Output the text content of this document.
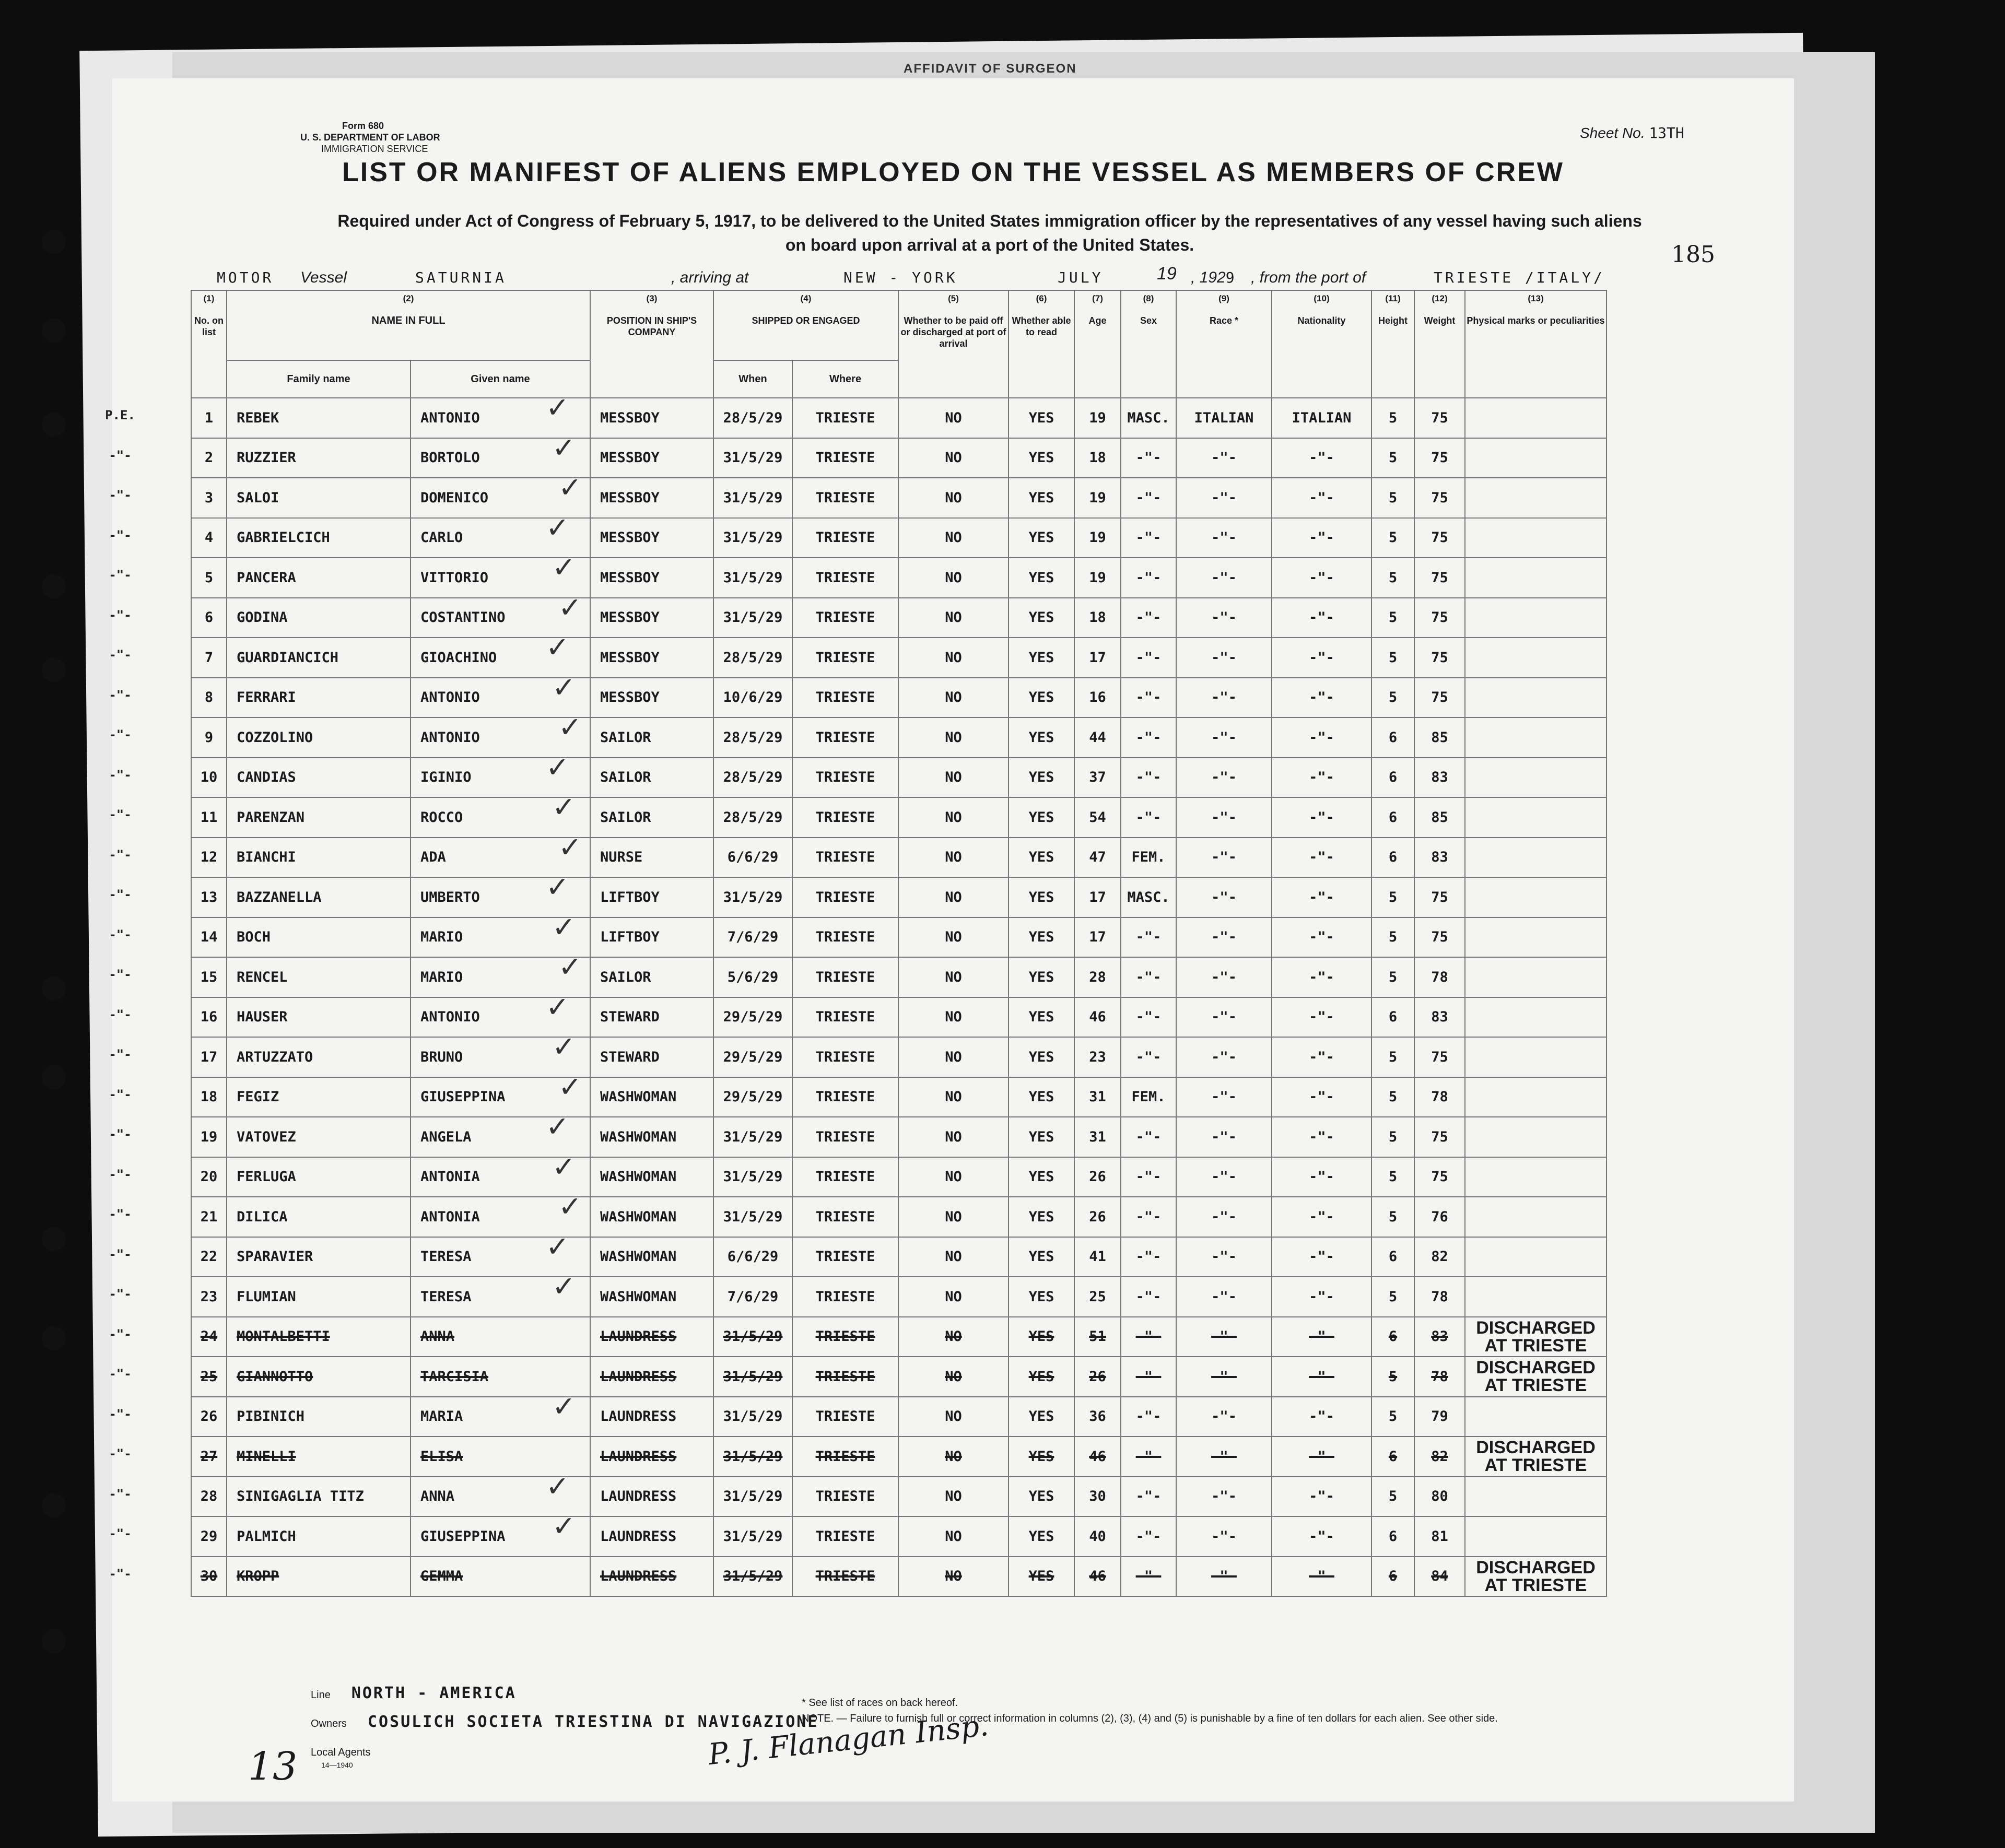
AFFIDAVIT OF SURGEON
Form 680
U. S. DEPARTMENT OF LABOR
IMMIGRATION SERVICE
Sheet No. 13TH
LIST OR MANIFEST OF ALIENS EMPLOYED ON THE VESSEL AS MEMBERS OF CREW
Required under Act of Congress of February 5, 1917, to be delivered to the United States immigration officer by the representatives of any vessel having such aliens
on board upon arrival at a port of the United States.	185
MOTOR Vessel	SATURNIA	, arriving at	NEW - YORK	JULY	19 , 1929 , from the port of	TRIESTE /ITALY/
(1)
No. on list	(2)
NAME IN FULL		(3)
POSITION IN SHIP'S COMPANY	(4)
SHIPPED OR ENGAGED		(5)
Whether to be paid off or discharged at port of arrival	(6)
Whether able to read	(7)
Age	(8)
Sex	(9)
Race *	(10)
Nationality	(11)
Height	(12)
Weight	(13)
Physical marks or peculiarities
	Family name	Given name		When	Where									
1	REBEK	ANTONIO	MESSBOY	28/5/29	TRIESTE	NO	YES	19	MASC.	ITALIAN	ITALIAN	5	75	
2	RUZZIER	BORTOLO	MESSBOY	31/5/29	TRIESTE	NO	YES	18	-"-	-"-	-"-	5	75	
3	SALOI	DOMENICO	MESSBOY	31/5/29	TRIESTE	NO	YES	19	-"-	-"-	-"-	5	75	
4	GABRIELCICH	CARLO	MESSBOY	31/5/29	TRIESTE	NO	YES	19	-"-	-"-	-"-	5	75	
5	PANCERA	VITTORIO	MESSBOY	31/5/29	TRIESTE	NO	YES	19	-"-	-"-	-"-	5	75	
6	GODINA	COSTANTINO	MESSBOY	31/5/29	TRIESTE	NO	YES	18	-"-	-"-	-"-	5	75	
7	GUARDIANCICH	GIOACHINO	MESSBOY	28/5/29	TRIESTE	NO	YES	17	-"-	-"-	-"-	5	75	
8	FERRARI	ANTONIO	MESSBOY	10/6/29	TRIESTE	NO	YES	16	-"-	-"-	-"-	5	75	
9	COZZOLINO	ANTONIO	SAILOR	28/5/29	TRIESTE	NO	YES	44	-"-	-"-	-"-	6	85	
10	CANDIAS	IGINIO	SAILOR	28/5/29	TRIESTE	NO	YES	37	-"-	-"-	-"-	6	83	
11	PARENZAN	ROCCO	SAILOR	28/5/29	TRIESTE	NO	YES	54	-"-	-"-	-"-	6	85	
12	BIANCHI	ADA	NURSE	6/6/29	TRIESTE	NO	YES	47	FEM.	-"-	-"-	6	83	
13	BAZZANELLA	UMBERTO	LIFTBOY	31/5/29	TRIESTE	NO	YES	17	MASC.	-"-	-"-	5	75	
14	BOCH	MARIO	LIFTBOY	7/6/29	TRIESTE	NO	YES	17	-"-	-"-	-"-	5	75	
15	RENCEL	MARIO	SAILOR	5/6/29	TRIESTE	NO	YES	28	-"-	-"-	-"-	5	78	
16	HAUSER	ANTONIO	STEWARD	29/5/29	TRIESTE	NO	YES	46	-"-	-"-	-"-	6	83	
17	ARTUZZATO	BRUNO	STEWARD	29/5/29	TRIESTE	NO	YES	23	-"-	-"-	-"-	5	75	
18	FEGIZ	GIUSEPPINA	WASHWOMAN	29/5/29	TRIESTE	NO	YES	31	FEM.	-"-	-"-	5	78	
19	VATOVEZ	ANGELA	WASHWOMAN	31/5/29	TRIESTE	NO	YES	31	-"-	-"-	-"-	5	75	
20	FERLUGA	ANTONIA	WASHWOMAN	31/5/29	TRIESTE	NO	YES	26	-"-	-"-	-"-	5	75	
21	DILICA	ANTONIA	WASHWOMAN	31/5/29	TRIESTE	NO	YES	26	-"-	-"-	-"-	5	76	
22	SPARAVIER	TERESA	WASHWOMAN	6/6/29	TRIESTE	NO	YES	41	-"-	-"-	-"-	6	82	
23	FLUMIAN	TERESA	WASHWOMAN	7/6/29	TRIESTE	NO	YES	25	-"-	-"-	-"-	5	78	
24	MONTALBETTI	ANNA	LAUNDRESS	31/5/29	TRIESTE	NO	YES	51	-"-	-"-	-"-	6	83	DISCHARGED AT TRIESTE
25	GIANNOTTO	TARCISIA	LAUNDRESS	31/5/29	TRIESTE	NO	YES	26	-"-	-"-	-"-	5	78	DISCHARGED AT TRIESTE
26	PIBINICH	MARIA	LAUNDRESS	31/5/29	TRIESTE	NO	YES	36	-"-	-"-	-"-	5	79	
27	MINELLI	ELISA	LAUNDRESS	31/5/29	TRIESTE	NO	YES	46	-"-	-"-	-"-	6	82	DISCHARGED AT TRIESTE
28	SINIGAGLIA TITZ	ANNA	LAUNDRESS	31/5/29	TRIESTE	NO	YES	30	-"-	-"-	-"-	5	80	
29	PALMICH	GIUSEPPINA	LAUNDRESS	31/5/29	TRIESTE	NO	YES	40	-"-	-"-	-"-	6	81	
30	KROPP	GEMMA	LAUNDRESS	31/5/29	TRIESTE	NO	YES	46	-"-	-"-	-"-	6	84	DISCHARGED AT TRIESTE
13	P. J. Flanagan Insp.
Line NORTH - AMERICA
Owners COSULICH SOCIETA TRIESTINA DI NAVIGAZIONE
Local Agents
14—1940
* See list of races on back hereof.
NOTE. — Failure to furnish full or correct information in columns (2), (3), (4) and (5) is punishable by a fine of ten dollars for each alien. See other side.
P.E.	✓
-"-	✓
-"-	✓
-"-	✓
-"-	✓
-"-	✓
-"-	✓
-"-	✓
-"-	✓
-"-	✓
-"-	✓
-"-	✓
-"-	✓
-"-	✓
-"-	✓
-"-	✓
-"-	✓
-"-	✓
-"-	✓
-"-	✓
-"-	✓
-"-	✓
-"-	✓
-"-
-"-
-"-	✓
-"-
-"-	✓
-"-	✓
-"-
